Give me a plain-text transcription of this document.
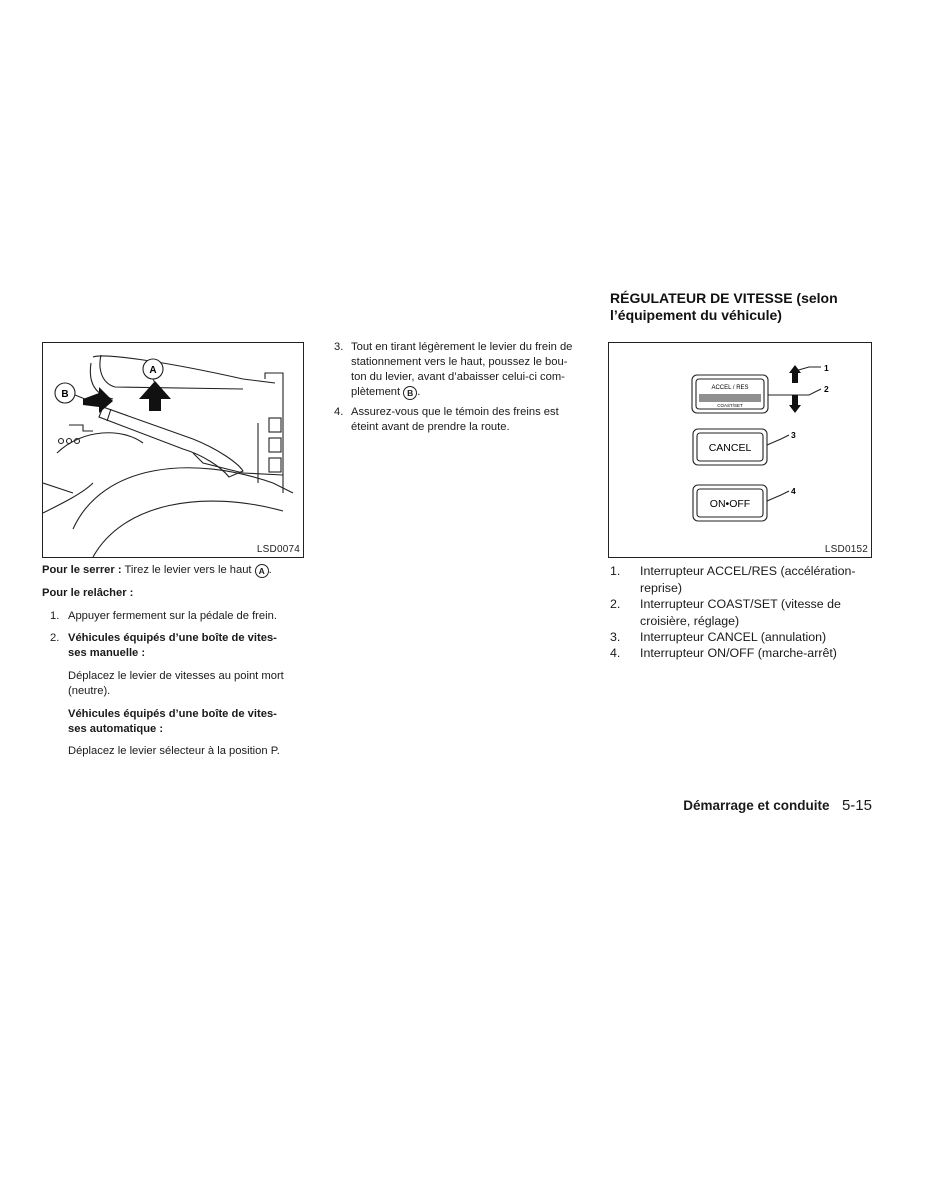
A
B
LSD0074

Pour le serrer : Tirez le levier vers le haut A .

Pour le relâcher :

1. Appuyer fermement sur la pédale de frein.
2. Véhicules équipés d’une boîte de vites-
ses manuelle :
Déplacez le levier de vitesses au point mort
(neutre).
Véhicules équipés d’une boîte de vites-
ses automatique :
Déplacez le levier sélecteur à la position P.
3. Tout en tirant légèrement le levier du frein de
stationnement vers le haut, poussez le bou-
ton du levier, avant d’abaisser celui-ci com-
plètement B .
4. Assurez-vous que le témoin des freins est
éteint avant de prendre la route.
RÉGULATEUR DE VITESSE (selon
l’équipement du véhicule)
ACCEL / RES
COAST/SET
CANCEL
ON•OFF
1
2
3
4
LSD0152
1. Interrupteur ACCEL/RES (accélération-
reprise)
2. Interrupteur COAST/SET (vitesse de
croisière, réglage)
3. Interrupteur CANCEL (annulation)
4. Interrupteur ON/OFF (marche-arrêt)
Démarrage et conduite 5-15
